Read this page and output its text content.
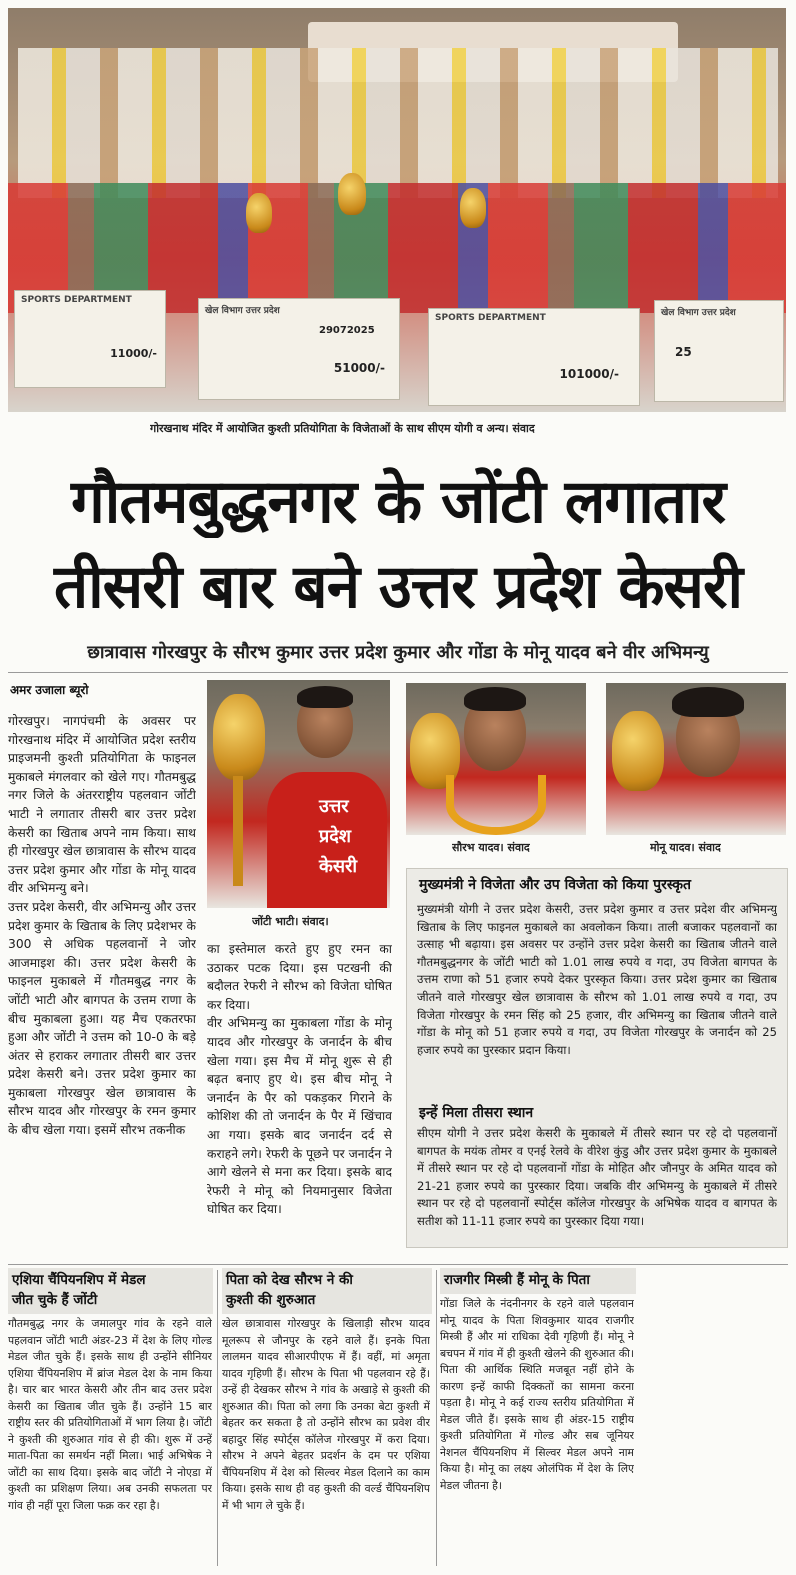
SPORTS DEPARTMENT
11000/-
खेल विभाग उत्तर प्रदेश
29072025
51000/-
SPORTS DEPARTMENT
101000/-
खेल विभाग उत्तर प्रदेश
25
गोरखनाथ मंदिर में आयोजित कुश्ती प्रतियोगिता के विजेताओं के साथ सीएम योगी व अन्य। संवाद
गौतमबुद्धनगर के जोंटी लगातार
तीसरी बार बने उत्तर प्रदेश केसरी
छात्रावास गोरखपुर के सौरभ कुमार उत्तर प्रदेश कुमार और गोंडा के मोनू यादव बने वीर अभिमन्यु
अमर उजाला ब्यूरो
उत्तर प्रदेश केसरी
जोंटी भाटी। संवाद।
सौरभ यादव। संवाद	मोनू यादव। संवाद
गोरखपुर। नागपंचमी के अवसर पर गोरखनाथ मंदिर में आयोजित प्रदेश स्तरीय प्राइजमनी कुश्ती प्रतियोगिता के फाइनल मुकाबले मंगलवार को खेले गए। गौतमबुद्ध नगर जिले के अंतरराष्ट्रीय पहलवान जोंटी भाटी ने लगातार तीसरी बार उत्तर प्रदेश केसरी का खिताब अपने नाम किया। साथ ही गोरखपुर खेल छात्रावास के सौरभ यादव उत्तर प्रदेश कुमार और गोंडा के मोनू यादव वीर अभिमन्यु बने।
उत्तर प्रदेश केसरी, वीर अभिमन्यु और उत्तर प्रदेश कुमार के खिताब के लिए प्रदेशभर के 300 से अधिक पहलवानों ने जोर आजमाइश की। उत्तर प्रदेश केसरी के फाइनल मुकाबले में गौतमबुद्ध नगर के जोंटी भाटी और बागपत के उत्तम राणा के बीच मुकाबला हुआ। यह मैच एकतरफा हुआ और जोंटी ने उत्तम को 10-0 के बड़े अंतर से हराकर लगातार तीसरी बार उत्तर प्रदेश केसरी बने। उत्तर प्रदेश कुमार का मुकाबला गोरखपुर खेल छात्रावास के सौरभ यादव और गोरखपुर के रमन कुमार के बीच खेला गया। इसमें सौरभ तकनीक
का इस्तेमाल करते हुए हुए रमन का उठाकर पटक दिया। इस पटखनी की बदौलत रेफरी ने सौरभ को विजेता घोषित कर दिया।
वीर अभिमन्यु का मुकाबला गोंडा के मोनू यादव और गोरखपुर के जनार्दन के बीच खेला गया। इस मैच में मोनू शुरू से ही बढ़त बनाए हुए थे। इस बीच मोनू ने जनार्दन के पैर को पकड़कर गिराने के कोशिश की तो जनार्दन के पैर में खिंचाव आ गया। इसके बाद जनार्दन दर्द से कराहने लगे। रेफरी के पूछने पर जनार्दन ने आगे खेलने से मना कर दिया। इसके बाद रेफरी ने मोनू को नियमानुसार विजेता घोषित कर दिया।
मुख्यमंत्री ने विजेता और उप विजेता को किया पुरस्कृत
मुख्यमंत्री योगी ने उत्तर प्रदेश केसरी, उत्तर प्रदेश कुमार व उत्तर प्रदेश वीर अभिमन्यु खिताब के लिए फाइनल मुकाबले का अवलोकन किया। ताली बजाकर पहलवानों का उत्साह भी बढ़ाया। इस अवसर पर उन्होंने उत्तर प्रदेश केसरी का खिताब जीतने वाले गौतमबुद्धनगर के जोंटी भाटी को 1.01 लाख रुपये व गदा, उप विजेता बागपत के उत्तम राणा को 51 हजार रुपये देकर पुरस्कृत किया। उत्तर प्रदेश कुमार का खिताब जीतने वाले गोरखपुर खेल छात्रावास के सौरभ को 1.01 लाख रुपये व गदा, उप विजेता गोरखपुर के रमन सिंह को 25 हजार, वीर अभिमन्यु का खिताब जीतने वाले गोंडा के मोनू को 51 हजार रुपये व गदा, उप विजेता गोरखपुर के जनार्दन को 25 हजार रुपये का पुरस्कार प्रदान किया।
इन्हें मिला तीसरा स्थान
सीएम योगी ने उत्तर प्रदेश केसरी के मुकाबले में तीसरे स्थान पर रहे दो पहलवानों बागपत के मयंक तोमर व एनई रेलवे के वीरेश कुंडु और उत्तर प्रदेश कुमार के मुकाबले में तीसरे स्थान पर रहे दो पहलवानों गोंडा के मोहित और जौनपुर के अमित यादव को 21-21 हजार रुपये का पुरस्कार दिया। जबकि वीर अभिमन्यु के मुकाबले में तीसरे स्थान पर रहे दो पहलवानों स्पोर्ट्स कॉलेज गोरखपुर के अभिषेक यादव व बागपत के सतीश को 11-11 हजार रुपये का पुरस्कार दिया गया।
एशिया चैंपियनशिप में मेडल
जीत चुके हैं जोंटी
गौतमबुद्ध नगर के जमालपुर गांव के रहने वाले पहलवान जोंटी भाटी अंडर-23 में देश के लिए गोल्ड मेडल जीत चुके हैं। इसके साथ ही उन्होंने सीनियर एशिया चैंपियनशिप में ब्रांज मेडल देश के नाम किया है। चार बार भारत केसरी और तीन बाद उत्तर प्रदेश केसरी का खिताब जीत चुके हैं। उन्होंने 15 बार राष्ट्रीय स्तर की प्रतियोगिताओं में भाग लिया है। जोंटी ने कुश्ती की शुरुआत गांव से ही की। शुरू में उन्हें माता-पिता का समर्थन नहीं मिला। भाई अभिषेक ने जोंटी का साथ दिया। इसके बाद जोंटी ने नोएडा में कुश्ती का प्रशिक्षण लिया। अब उनकी सफलता पर गांव ही नहीं पूरा जिला फक्र कर रहा है।
पिता को देख सौरभ ने की
कुश्ती की शुरुआत
खेल छात्रावास गोरखपुर के खिलाड़ी सौरभ यादव मूलरूप से जौनपुर के रहने वाले हैं। इनके पिता लालमन यादव सीआरपीएफ में हैं। वहीं, मां अमृता यादव गृहिणी हैं। सौरभ के पिता भी पहलवान रहे हैं। उन्हें ही देखकर सौरभ ने गांव के अखाड़े से कुश्ती की शुरुआत की। पिता को लगा कि उनका बेटा कुश्ती में बेहतर कर सकता है तो उन्होंने सौरभ का प्रवेश वीर बहादुर सिंह स्पोर्ट्स कॉलेज गोरखपुर में करा दिया। सौरभ ने अपने बेहतर प्रदर्शन के दम पर एशिया चैंपियनशिप में देश को सिल्वर मेडल दिलाने का काम किया। इसके साथ ही वह कुश्ती की वर्ल्ड चैंपियनशिप में भी भाग ले चुके हैं।
राजगीर मिस्त्री हैं मोनू के पिता
गोंडा जिले के नंदनीनगर के रहने वाले पहलवान मोनू यादव के पिता शिवकुमार यादव राजगीर मिस्त्री हैं और मां राधिका देवी गृहिणी हैं। मोनू ने बचपन में गांव में ही कुश्ती खेलने की शुरुआत की। पिता की आर्थिक स्थिति मजबूत नहीं होने के कारण इन्हें काफी दिक्कतों का सामना करना पड़ता है। मोनू ने कई राज्य स्तरीय प्रतियोगिता में मेडल जीते हैं। इसके साथ ही अंडर-15 राष्ट्रीय कुश्ती प्रतियोगिता में गोल्ड और सब जूनियर नेशनल चैंपियनशिप में सिल्वर मेडल अपने नाम किया है। मोनू का लक्ष्य ओलंपिक में देश के लिए मेडल जीतना है।
